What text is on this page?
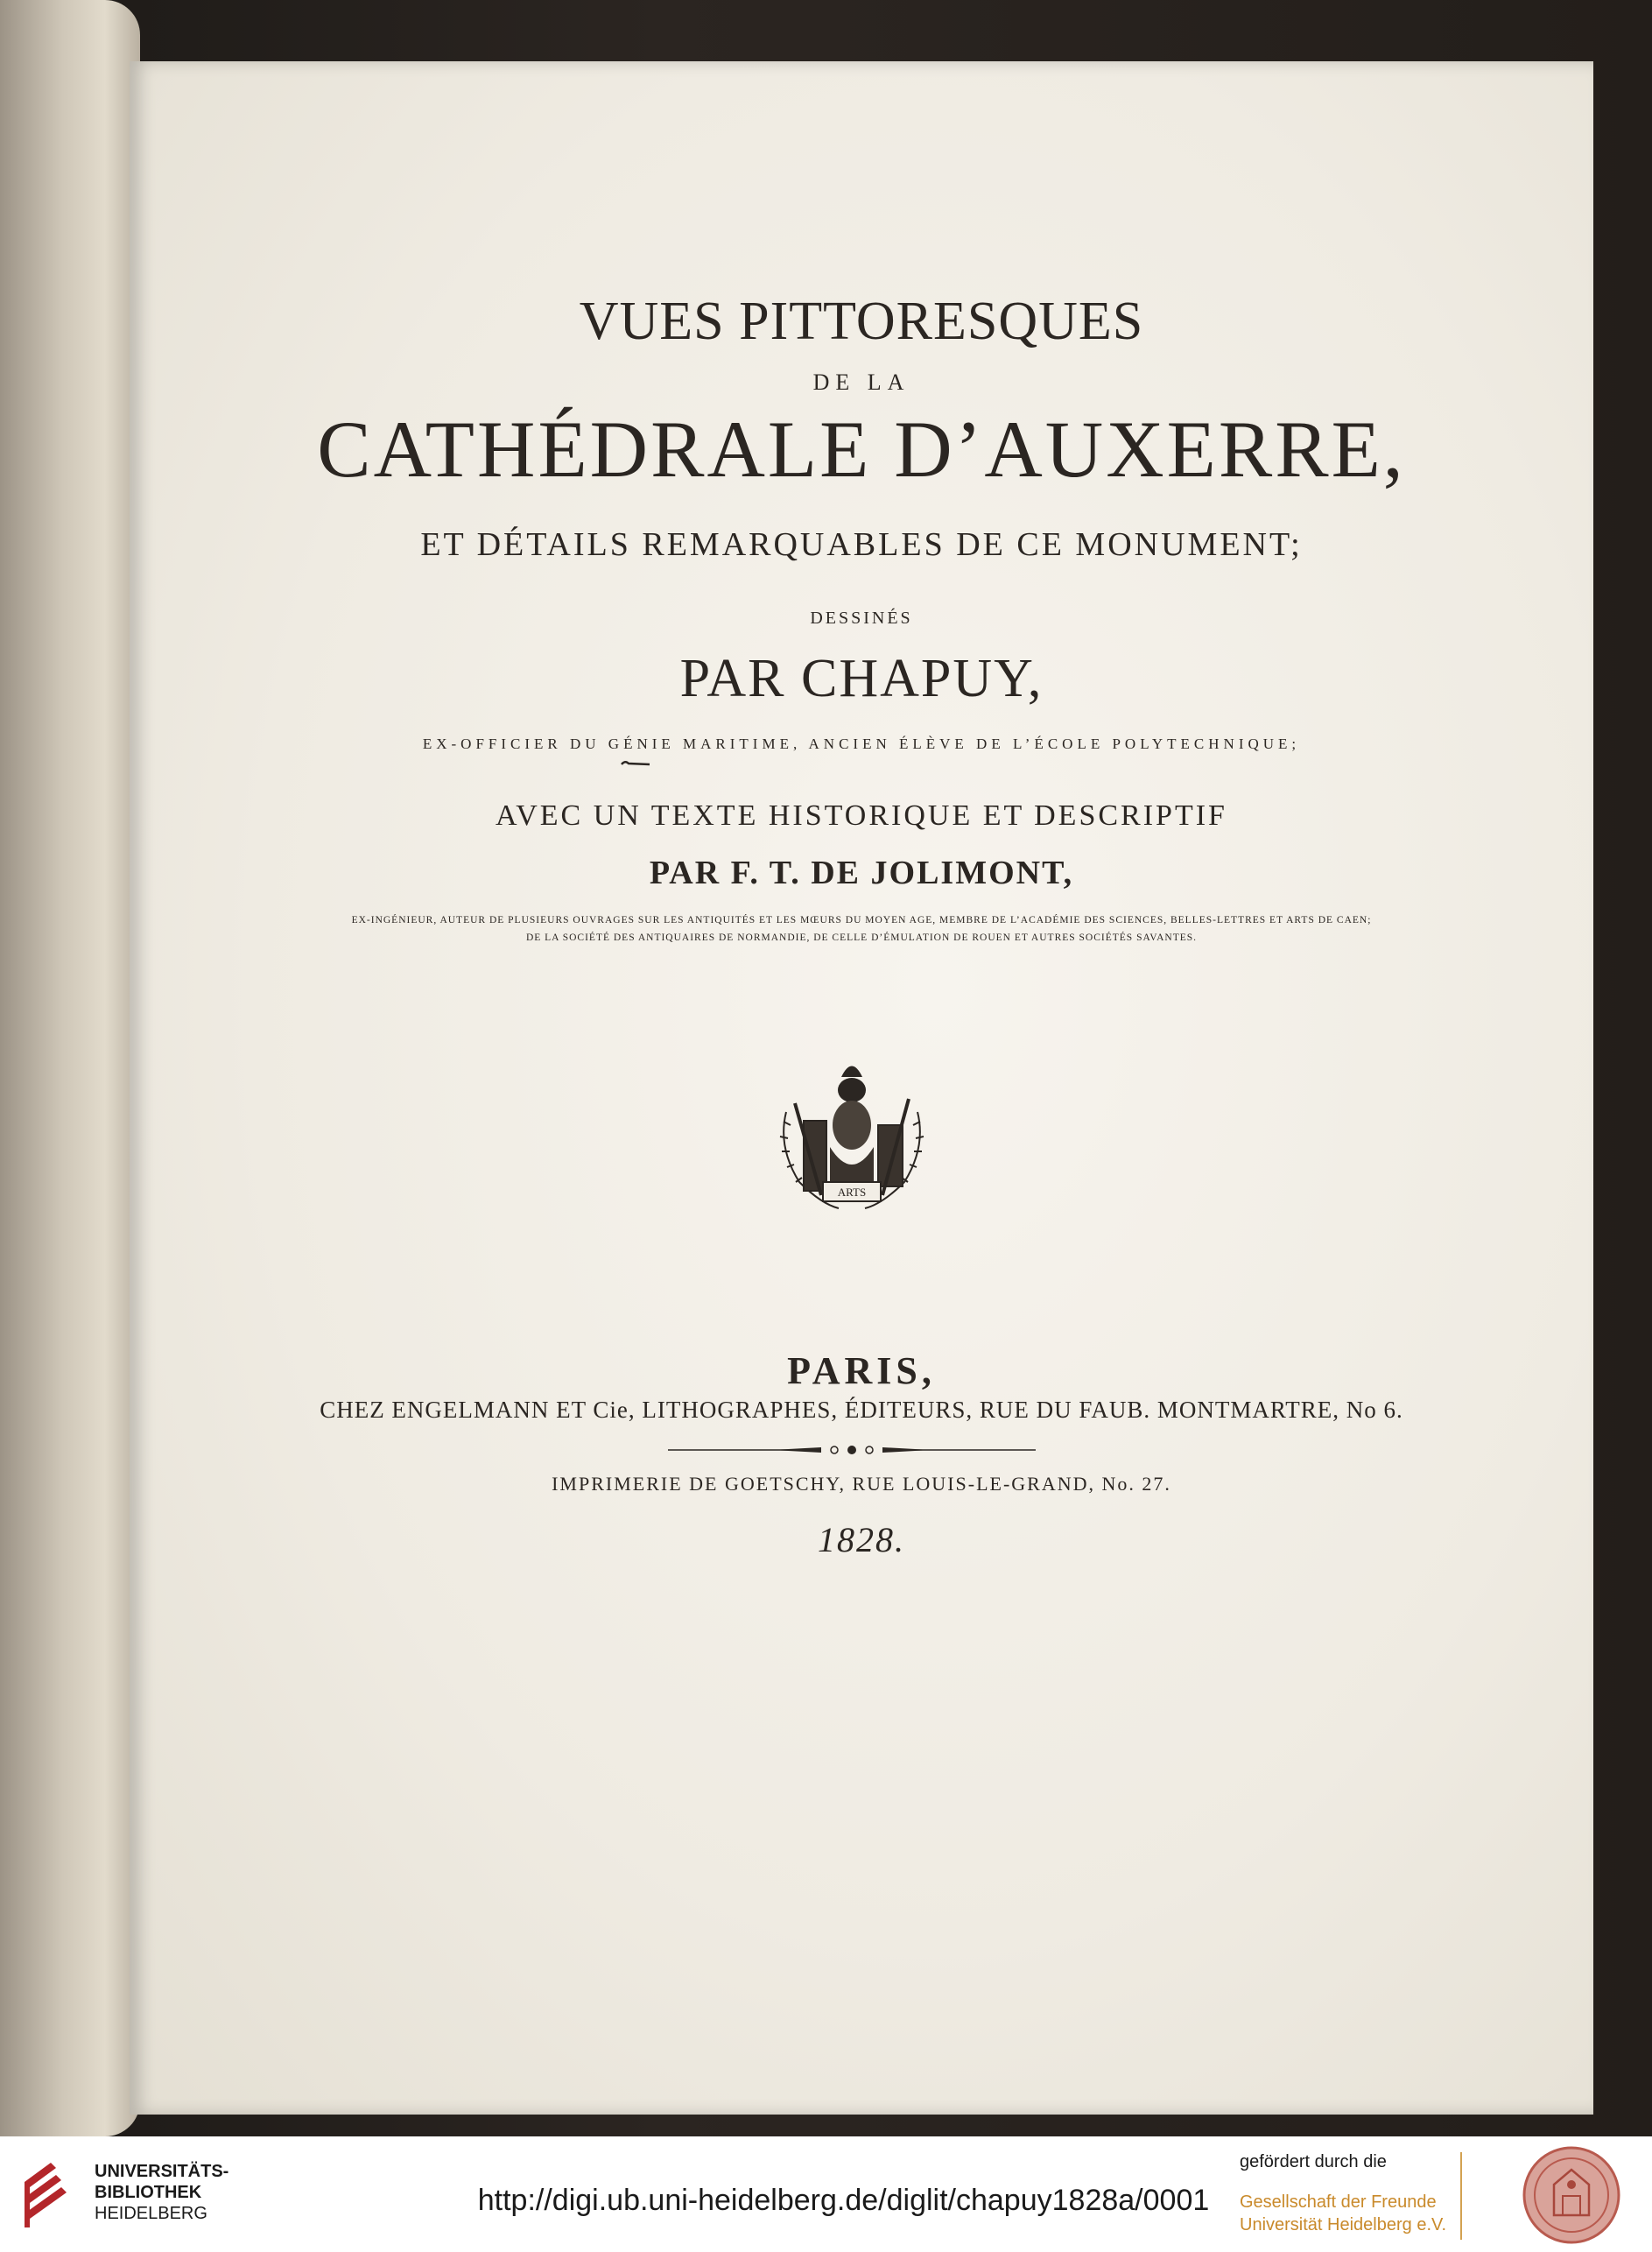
VUES PITTORESQUES
DE LA
CATHÉDRALE D’AUXERRE,
ET DÉTAILS REMARQUABLES DE CE MONUMENT;
DESSINÉS
PAR CHAPUY,
EX-OFFICIER DU GÉNIE MARITIME, ANCIEN ÉLÈVE DE L’ÉCOLE POLYTECHNIQUE;
AVEC UN TEXTE HISTORIQUE ET DESCRIPTIF
PAR F. T. DE JOLIMONT,
EX-INGÉNIEUR, AUTEUR DE PLUSIEURS OUVRAGES SUR LES ANTIQUITÉS ET LES MŒURS DU MOYEN AGE, MEMBRE DE L’ACADÉMIE DES SCIENCES, BELLES-LETTRES ET ARTS DE CAEN;
DE LA SOCIÉTÉ DES ANTIQUAIRES DE NORMANDIE, DE CELLE D’ÉMULATION DE ROUEN ET AUTRES SOCIÉTÉS SAVANTES.
ARTS
PARIS,
CHEZ ENGELMANN ET Cie, LITHOGRAPHES, ÉDITEURS, RUE DU FAUB. MONTMARTRE, No 6.
IMPRIMERIE DE GOETSCHY, RUE LOUIS-LE-GRAND, No. 27.
1828.
UNIVERSITÄTS-
BIBLIOTHEK
HEIDELBERG	http://digi.ub.uni-heidelberg.de/diglit/chapuy1828a/0001
gefördert durch die
Gesellschaft der Freunde
Universität Heidelberg e.V.
